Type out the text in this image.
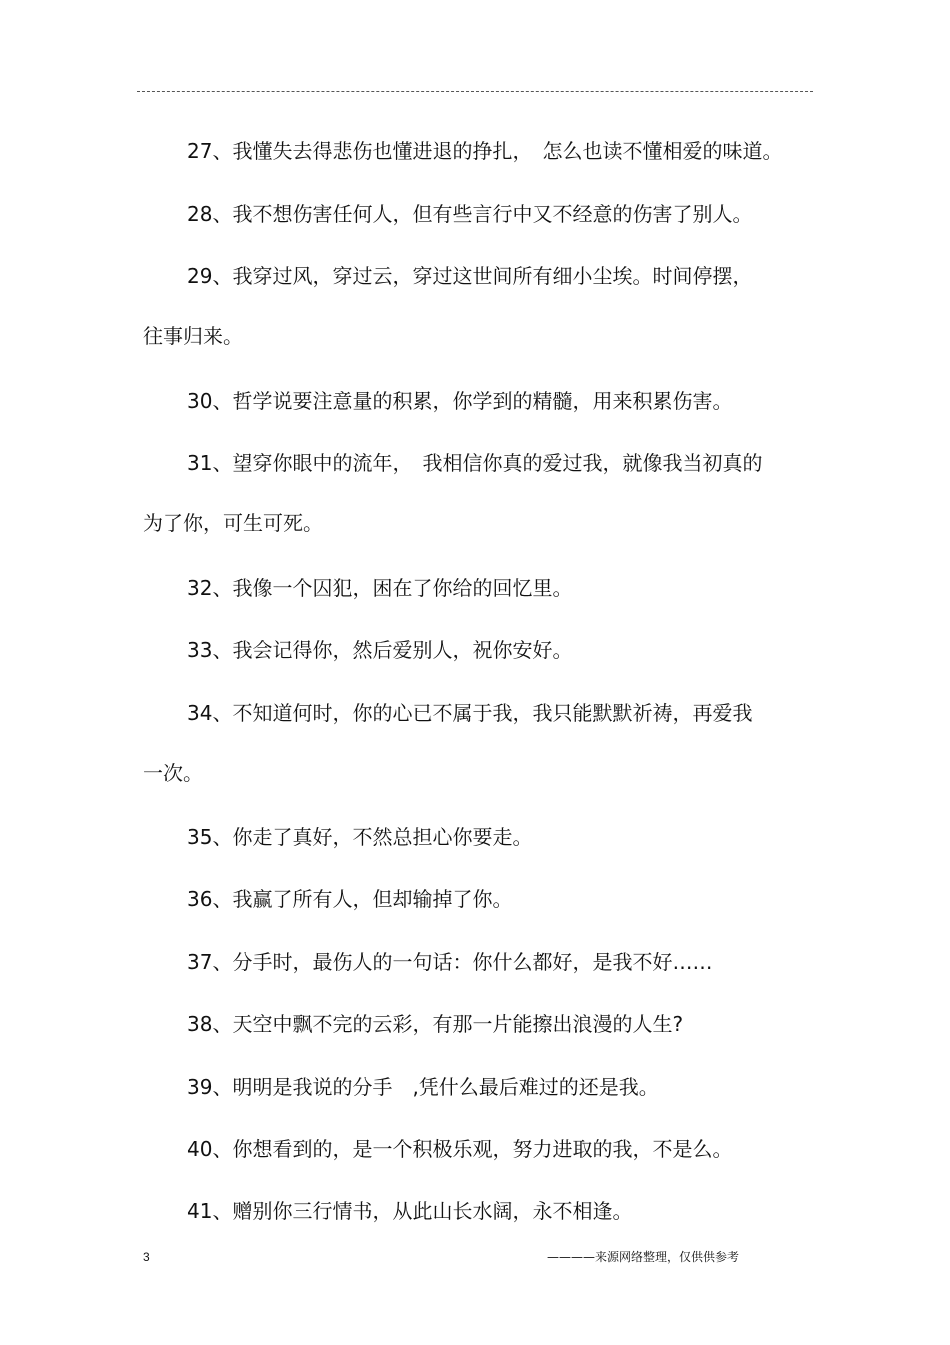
27、我懂失去得悲伤也懂进退的挣扎，　怎么也读不懂相爱的味道。
28、我不想伤害任何人，但有些言行中又不经意的伤害了别人。
29、我穿过风，穿过云，穿过这世间所有细小尘埃。时间停摆，
往事归来。
30、哲学说要注意量的积累，你学到的精髓，用来积累伤害。
31、望穿你眼中的流年，　我相信你真的爱过我，就像我当初真的
为了你，可生可死。
32、我像一个囚犯，困在了你给的回忆里。
33、我会记得你，然后爱别人，祝你安好。
34、不知道何时，你的心已不属于我，我只能默默祈祷，再爱我
一次。
35、你走了真好，不然总担心你要走。
36、我赢了所有人，但却输掉了你。
37、分手时，最伤人的一句话：你什么都好，是我不好……
38、天空中飘不完的云彩，有那一片能擦出浪漫的人生?
39、明明是我说的分手　,凭什么最后难过的还是我。
40、你想看到的，是一个积极乐观，努力进取的我，不是么。
41、赠别你三行情书，从此山长水阔，永不相逢。
3	————来源网络整理，仅供供参考
